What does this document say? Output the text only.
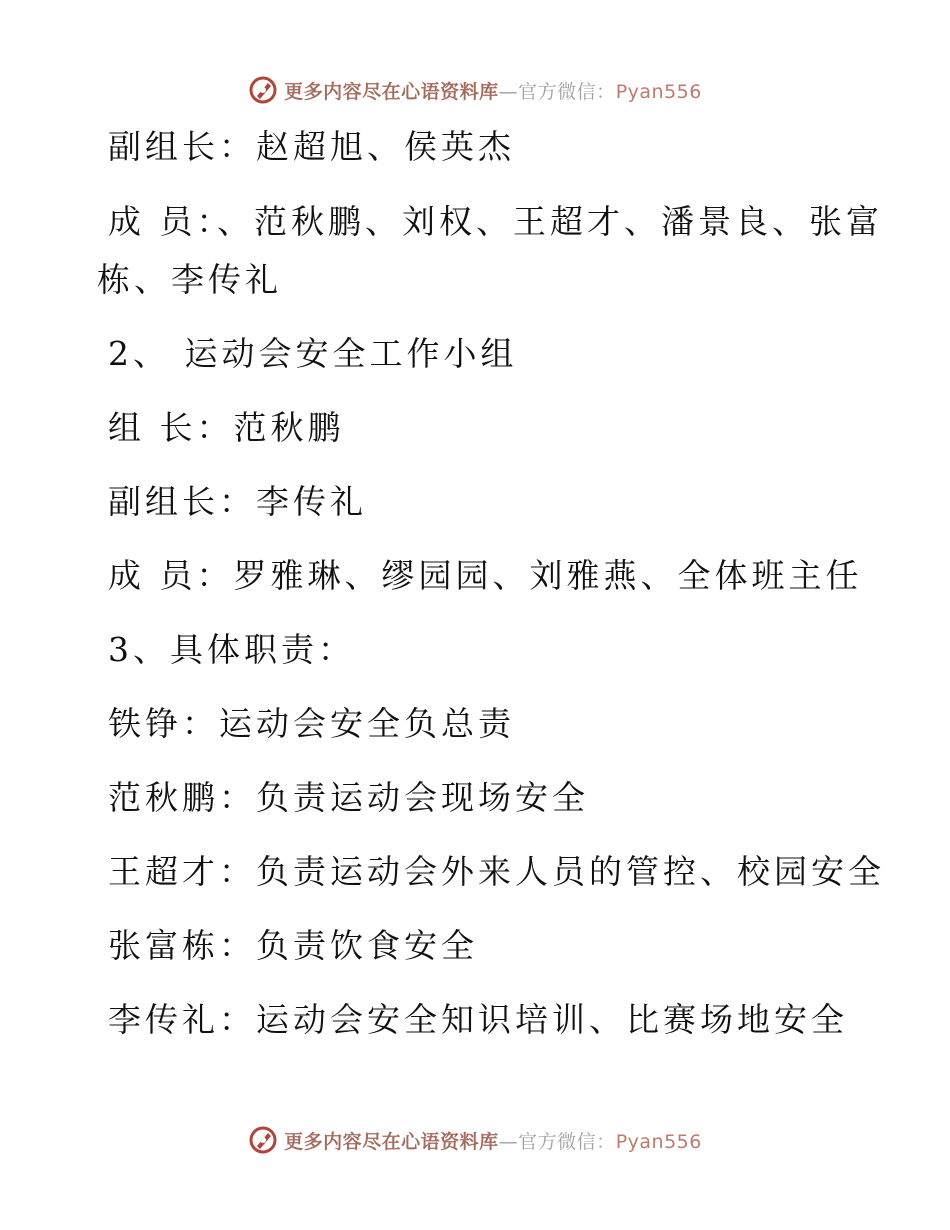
更多内容尽在心语资料库—官方微信：Pyan556
副组长：赵超旭、侯英杰
成 员：、范秋鹏、刘权、王超才、潘景良、张富
栋、李传礼
2、 运动会安全工作小组
组 长：范秋鹏
副组长：李传礼
成 员：罗雅琳、缪园园、刘雅燕、全体班主任
3、具体职责：
铁铮：运动会安全负总责
范秋鹏：负责运动会现场安全
王超才：负责运动会外来人员的管控、校园安全
张富栋：负责饮食安全
李传礼：运动会安全知识培训、比赛场地安全
更多内容尽在心语资料库—官方微信：Pyan556
